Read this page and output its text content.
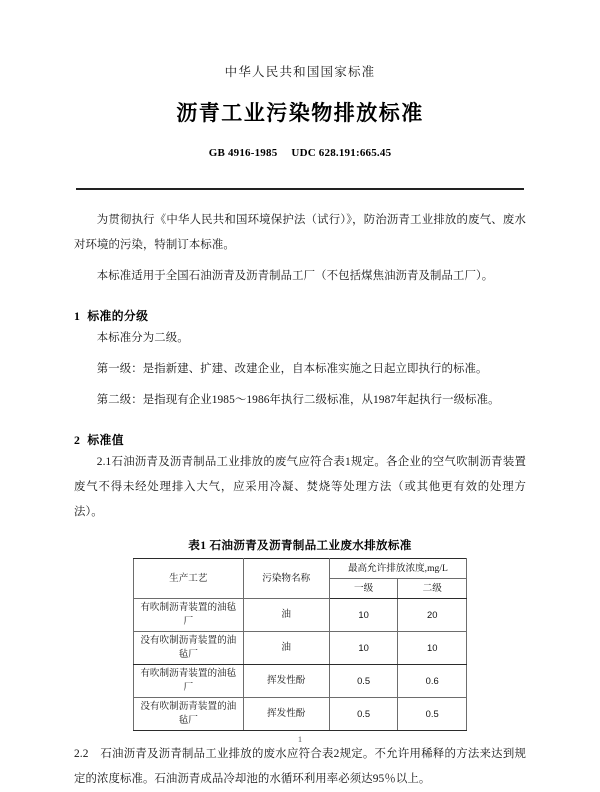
中华人民共和国国家标准
沥青工业污染物排放标准
GB 4916-1985 UDC 628.191:665.45

为贯彻执行《中华人民共和国环境保护法（试行）》，防治沥青工业排放的废气、废水对环境的污染，特制订本标准。

本标准适用于全国石油沥青及沥青制品工厂（不包括煤焦油沥青及制品工厂）。

1 标准的分级

本标准分为二级。

第一级：是指新建、扩建、改建企业，自本标准实施之日起立即执行的标准。

第二级：是指现有企业1985～1986年执行二级标准，从1987年起执行一级标准。

2 标准值

2.1石油沥青及沥青制品工业排放的废气应符合表1规定。各企业的空气吹制沥青装置废气不得未经处理排入大气，应采用冷凝、焚烧等处理方法（或其他更有效的处理方法）。

表1 石油沥青及沥青制品工业废水排放标准
生产工艺	污染物名称	最高允许排放浓度,mg/L	
		一级	二级
有吹制沥青装置的油毡厂	油	10	20
没有吹制沥青装置的油毡厂	油	10	10
有吹制沥青装置的油毡厂	挥发性酚	0.5	0.6
没有吹制沥青装置的油毡厂	挥发性酚	0.5	0.5

2.2　石油沥青及沥青制品工业排放的废水应符合表2规定。不允许用稀释的方法来达到规定的浓度标准。石油沥青成品冷却池的水循环利用率必须达95％以上。

1
